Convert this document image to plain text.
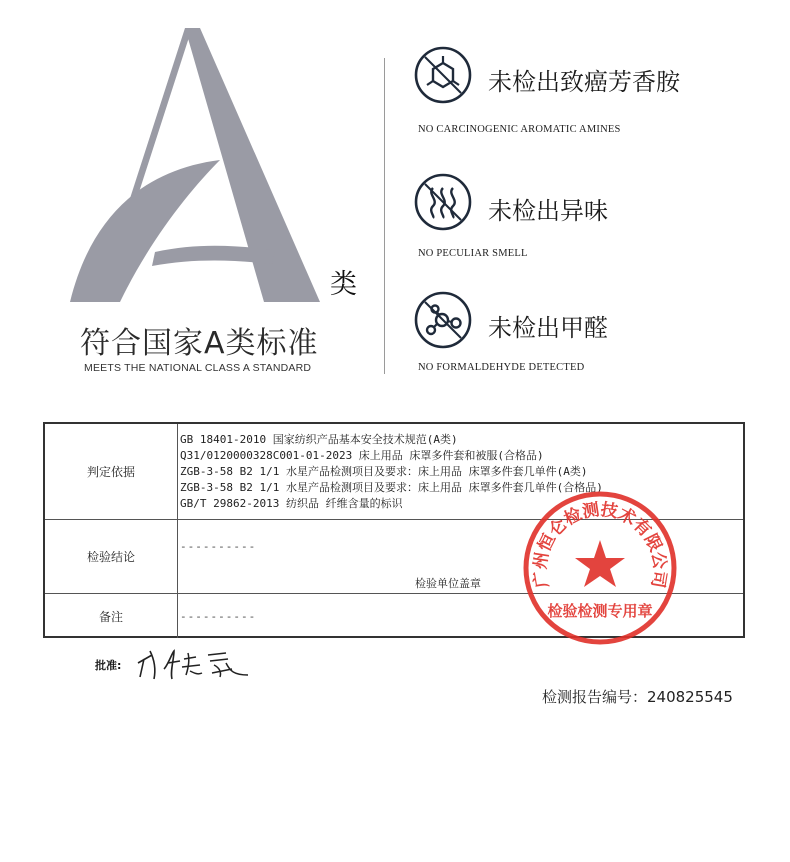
类
符合国家A类标准
MEETS THE NATIONAL CLASS A STANDARD
未检出致癌芳香胺
NO CARCINOGENIC AROMATIC AMINES
未检出异味
NO PECULIAR SMELL
未检出甲醛
NO FORMALDEHYDE DETECTED
判定依据
GB 18401-2010 国家纺织产品基本安全技术规范(A类)
Q31/0120000328C001-01-2023 床上用品 床罩多件套和被服(合格品)
ZGB-3-58 B2 1/1 水星产品检测项目及要求：床上用品 床罩多件套几单件(A类)
ZGB-3-58 B2 1/1 水星产品检测项目及要求：床上用品 床罩多件套几单件(合格品)
GB/T 29862-2013 纺织品 纤维含量的标识
检验结论
----------
检验单位盖章
备注	----------
广州恒仑检测技术有限公司
检验检测专用章
批准:
检测报告编号：240825545
